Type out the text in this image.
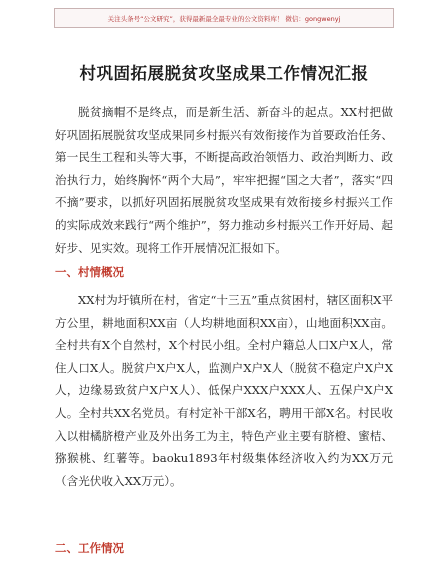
关注头条号“公文研究”，获得最新最全最专业的公文资料库！ 微信：gongwenyj
村巩固拓展脱贫攻坚成果工作情况汇报

脱贫摘帽不是终点，而是新生活、新奋斗的起点。XX村把做好巩固拓展脱贫攻坚成果同乡村振兴有效衔接作为首要政治任务、第一民生工程和头等大事，不断提高政治领悟力、政治判断力、政治执行力，始终胸怀“两个大局”，牢牢把握“国之大者”，落实“四不摘”要求，以抓好巩固拓展脱贫攻坚成果有效衔接乡村振兴工作的实际成效来践行“两个维护”，努力推动乡村振兴工作开好局、起好步、见实效。现将工作开展情况汇报如下。

一、村情概况

XX村为圩镇所在村，省定“十三五”重点贫困村，辖区面积X平方公里，耕地面积XX亩（人均耕地面积XX亩），山地面积XX亩。全村共有X个自然村，X个村民小组。全村户籍总人口X户X人，常住人口X人。脱贫户X户X人，监测户X户X人（脱贫不稳定户X户X人，边缘易致贫户X户X人）、低保户XXX户XXX人、五保户X户X人。全村共XX名党员。有村定补干部X名，聘用干部X名。村民收入以柑橘脐橙产业及外出务工为主，特色产业主要有脐橙、蜜桔、猕猴桃、红薯等。baoku1893年村级集体经济收入约为XX万元（含光伏收入XX万元）。

二、工作情况
